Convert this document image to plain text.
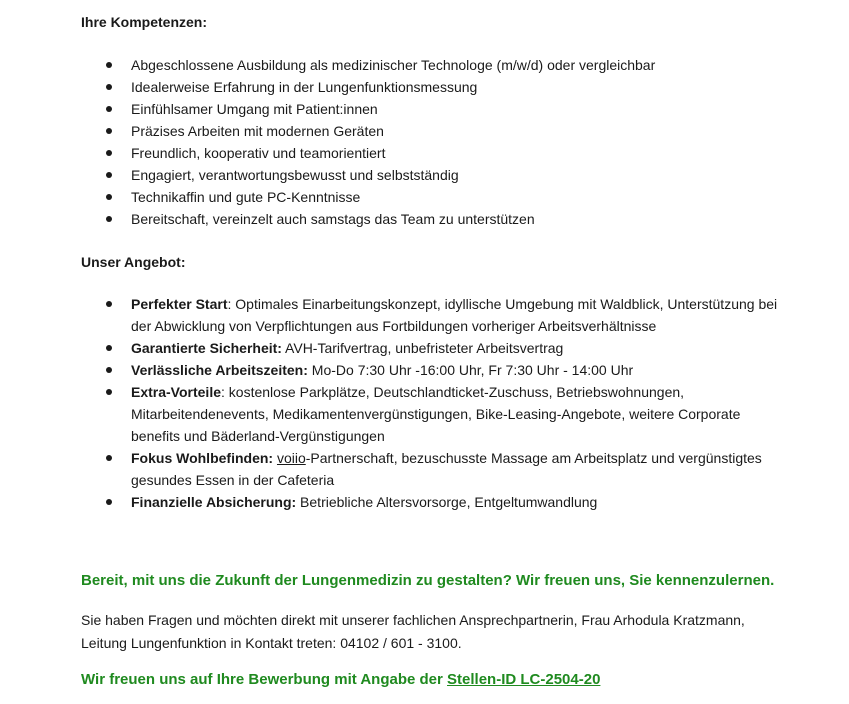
Ihre Kompetenzen:
Abgeschlossene Ausbildung als medizinischer Technologe (m/w/d) oder vergleichbar
Idealerweise Erfahrung in der Lungenfunktionsmessung
Einfühlsamer Umgang mit Patient:innen
Präzises Arbeiten mit modernen Geräten
Freundlich, kooperativ und teamorientiert
Engagiert, verantwortungsbewusst und selbstständig
Technikaffin und gute PC-Kenntnisse
Bereitschaft, vereinzelt auch samstags das Team zu unterstützen
Unser Angebot:
Perfekter Start: Optimales Einarbeitungskonzept, idyllische Umgebung mit Waldblick, Unterstützung bei der Abwicklung von Verpflichtungen aus Fortbildungen vorheriger Arbeitsverhältnisse
Garantierte Sicherheit: AVH-Tarifvertrag, unbefristeter Arbeitsvertrag
Verlässliche Arbeitszeiten: Mo-Do 7:30 Uhr -16:00 Uhr, Fr 7:30 Uhr - 14:00 Uhr
Extra-Vorteile: kostenlose Parkplätze, Deutschlandticket-Zuschuss, Betriebswohnungen, Mitarbeitendenevents, Medikamentenvergünstigungen, Bike-Leasing-Angebote, weitere Corporate benefits und Bäderland-Vergünstigungen
Fokus Wohlbefinden: voiio-Partnerschaft, bezuschusste Massage am Arbeitsplatz und vergünstigtes gesundes Essen in der Cafeteria
Finanzielle Absicherung: Betriebliche Altersvorsorge, Entgeltumwandlung
Bereit, mit uns die Zukunft der Lungenmedizin zu gestalten? Wir freuen uns, Sie kennenzulernen.
Sie haben Fragen und möchten direkt mit unserer fachlichen Ansprechpartnerin, Frau Arhodula Kratzmann, Leitung Lungenfunktion in Kontakt treten: 04102 / 601 - 3100.
Wir freuen uns auf Ihre Bewerbung mit Angabe der Stellen-ID LC-2504-20
